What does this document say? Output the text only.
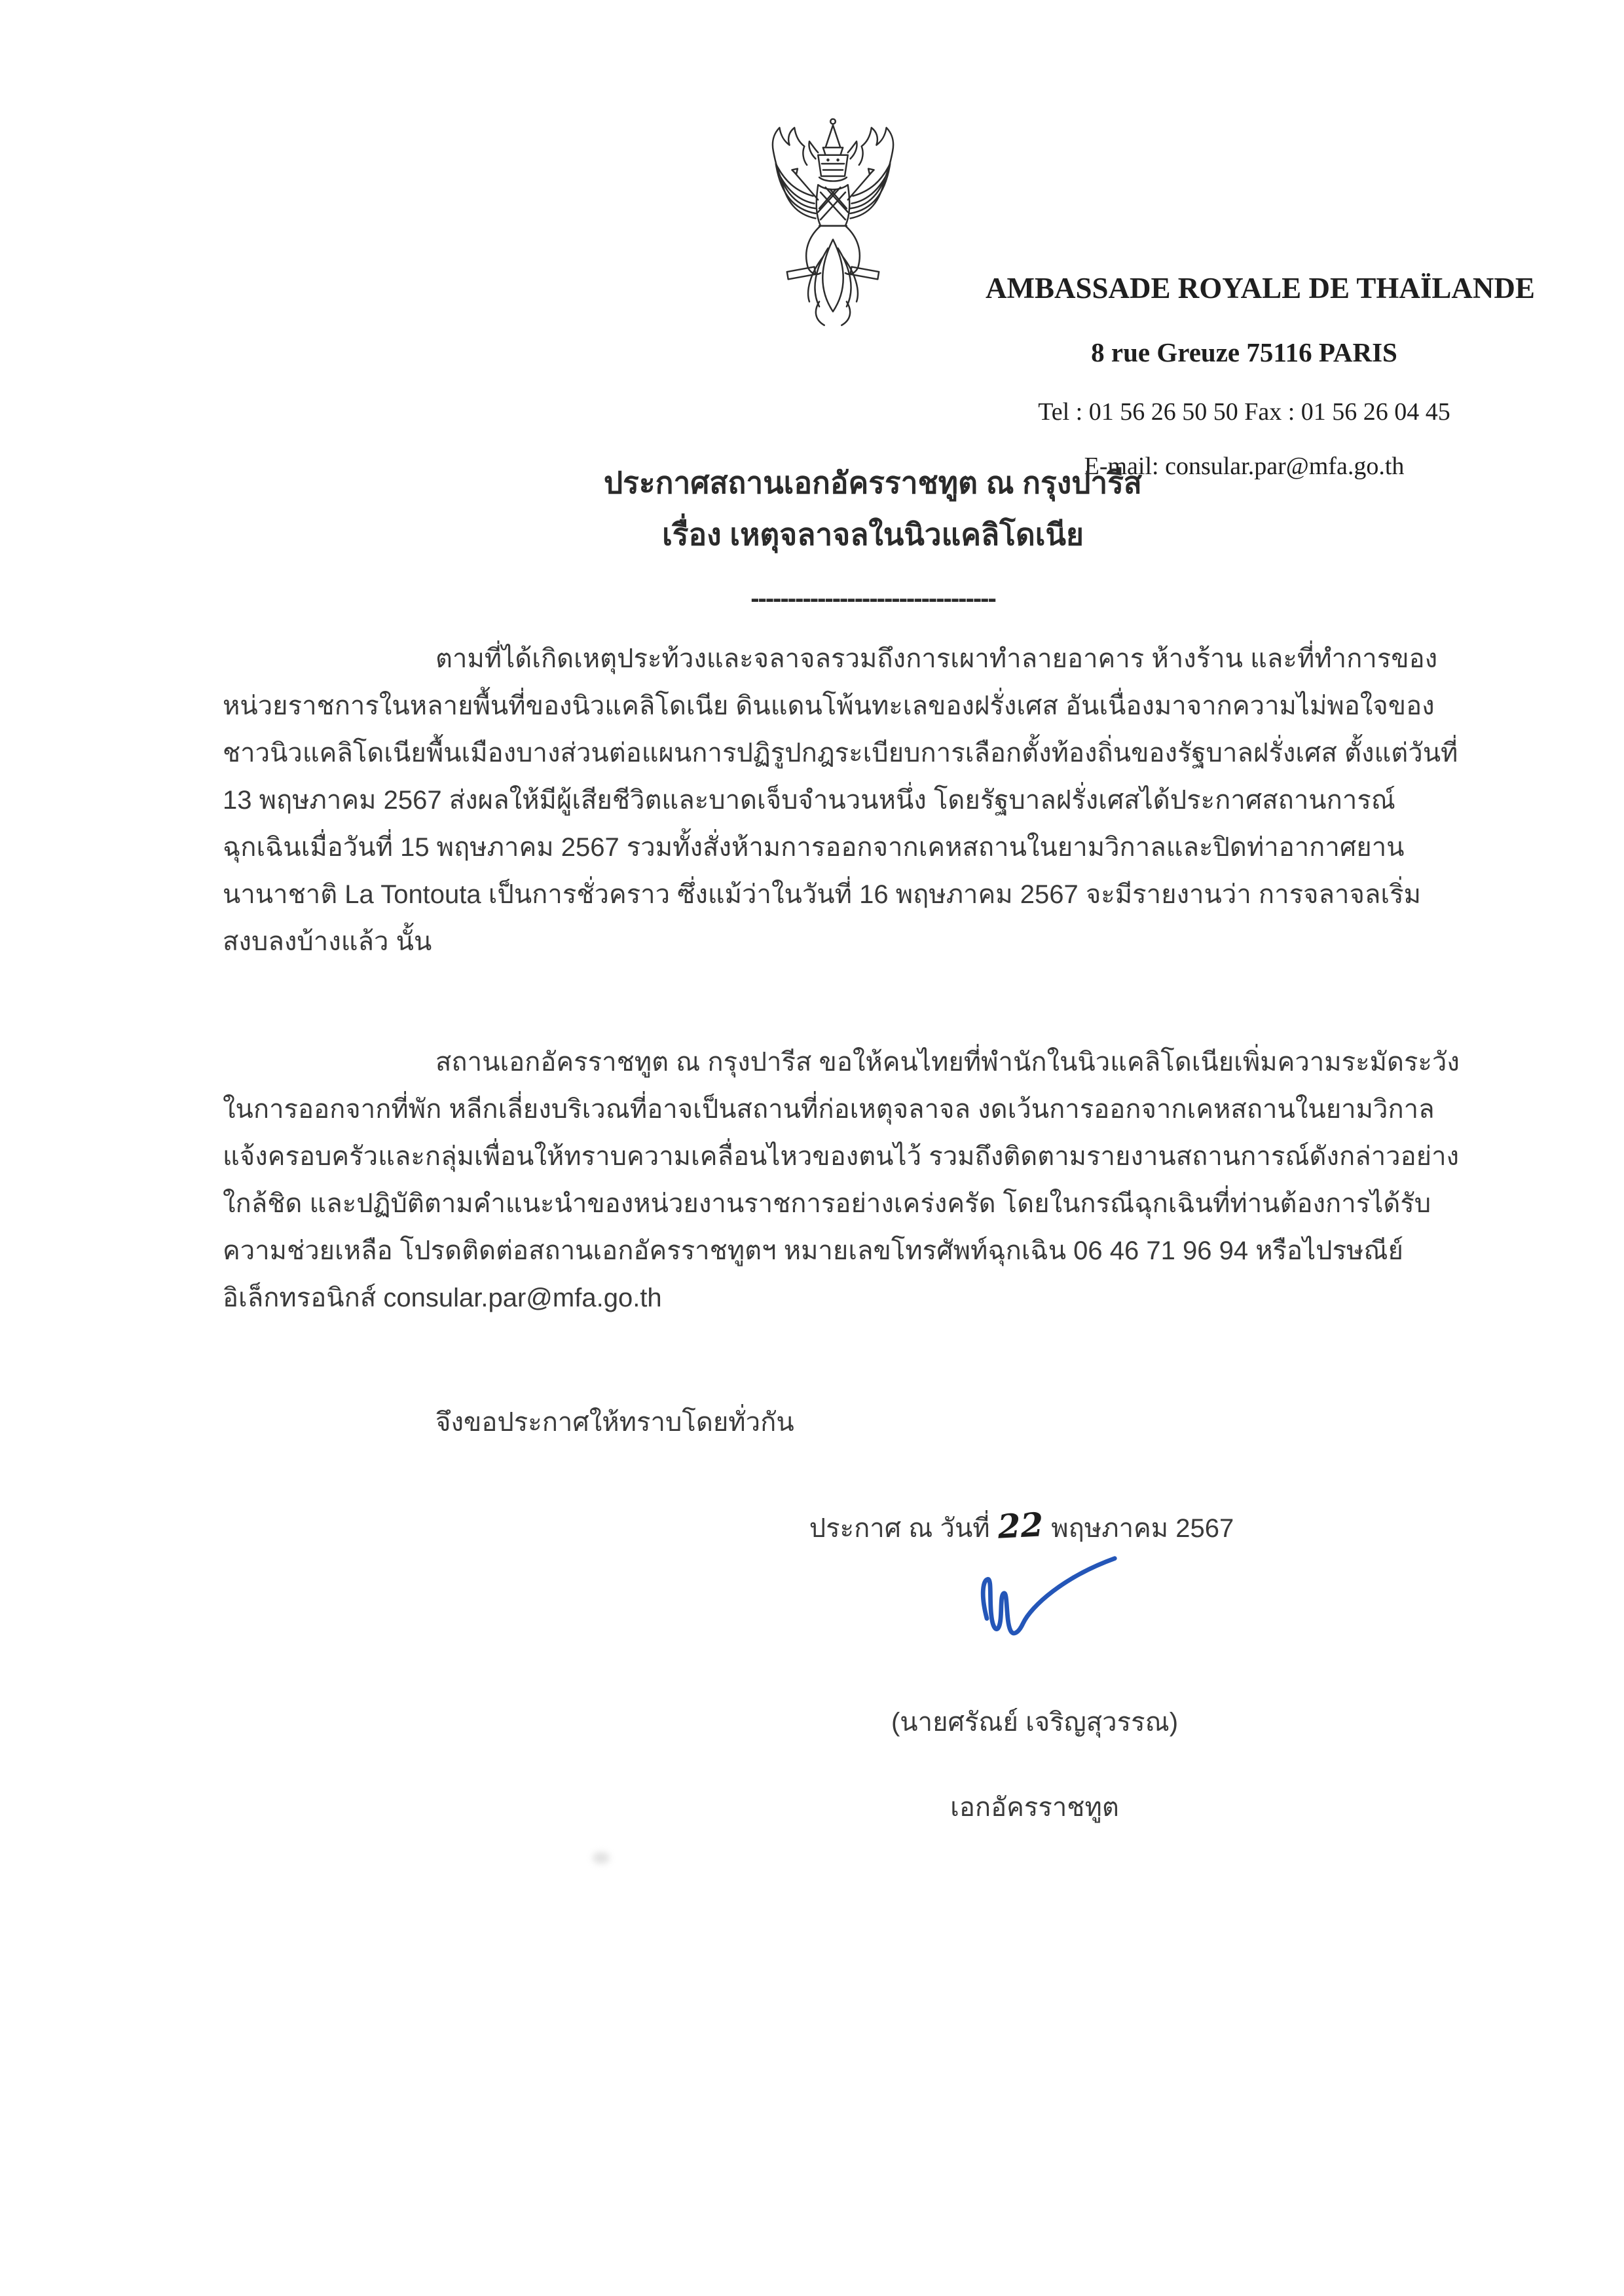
AMBASSADE ROYALE DE THAÏLANDE
8 rue Greuze 75116 PARIS
Tel : 01 56 26 50 50 Fax : 01 56 26 04 45
E-mail: consular.par@mfa.go.th
ประกาศสถานเอกอัครราชทูต ณ กรุงปารีส
เรื่อง เหตุจลาจลในนิวแคลิโดเนีย
---------------------------------
ตามที่ได้เกิดเหตุประท้วงและจลาจลรวมถึงการเผาทำลายอาคาร ห้างร้าน และที่ทำการของ
หน่วยราชการในหลายพื้นที่ของนิวแคลิโดเนีย ดินแดนโพ้นทะเลของฝรั่งเศส อันเนื่องมาจากความไม่พอใจของ
ชาวนิวแคลิโดเนียพื้นเมืองบางส่วนต่อแผนการปฏิรูปกฎระเบียบการเลือกตั้งท้องถิ่นของรัฐบาลฝรั่งเศส ตั้งแต่วันที่
13 พฤษภาคม 2567 ส่งผลให้มีผู้เสียชีวิตและบาดเจ็บจำนวนหนึ่ง โดยรัฐบาลฝรั่งเศสได้ประกาศสถานการณ์
ฉุกเฉินเมื่อวันที่ 15 พฤษภาคม 2567 รวมทั้งสั่งห้ามการออกจากเคหสถานในยามวิกาลและปิดท่าอากาศยาน
นานาชาติ La Tontouta เป็นการชั่วคราว ซึ่งแม้ว่าในวันที่ 16 พฤษภาคม 2567 จะมีรายงานว่า การจลาจลเริ่ม
สงบลงบ้างแล้ว นั้น
สถานเอกอัครราชทูต ณ กรุงปารีส ขอให้คนไทยที่พำนักในนิวแคลิโดเนียเพิ่มความระมัดระวัง
ในการออกจากที่พัก หลีกเลี่ยงบริเวณที่อาจเป็นสถานที่ก่อเหตุจลาจล งดเว้นการออกจากเคหสถานในยามวิกาล
แจ้งครอบครัวและกลุ่มเพื่อนให้ทราบความเคลื่อนไหวของตนไว้ รวมถึงติดตามรายงานสถานการณ์ดังกล่าวอย่าง
ใกล้ชิด และปฏิบัติตามคำแนะนำของหน่วยงานราชการอย่างเคร่งครัด โดยในกรณีฉุกเฉินที่ท่านต้องการได้รับ
ความช่วยเหลือ โปรดติดต่อสถานเอกอัครราชทูตฯ หมายเลขโทรศัพท์ฉุกเฉิน 06 46 71 96 94 หรือไปรษณีย์
อิเล็กทรอนิกส์ consular.par@mfa.go.th
จึงขอประกาศให้ทราบโดยทั่วกัน
ประกาศ ณ วันที่ 22 พฤษภาคม 2567
(นายศรัณย์ เจริญสุวรรณ)
เอกอัครราชทูต
